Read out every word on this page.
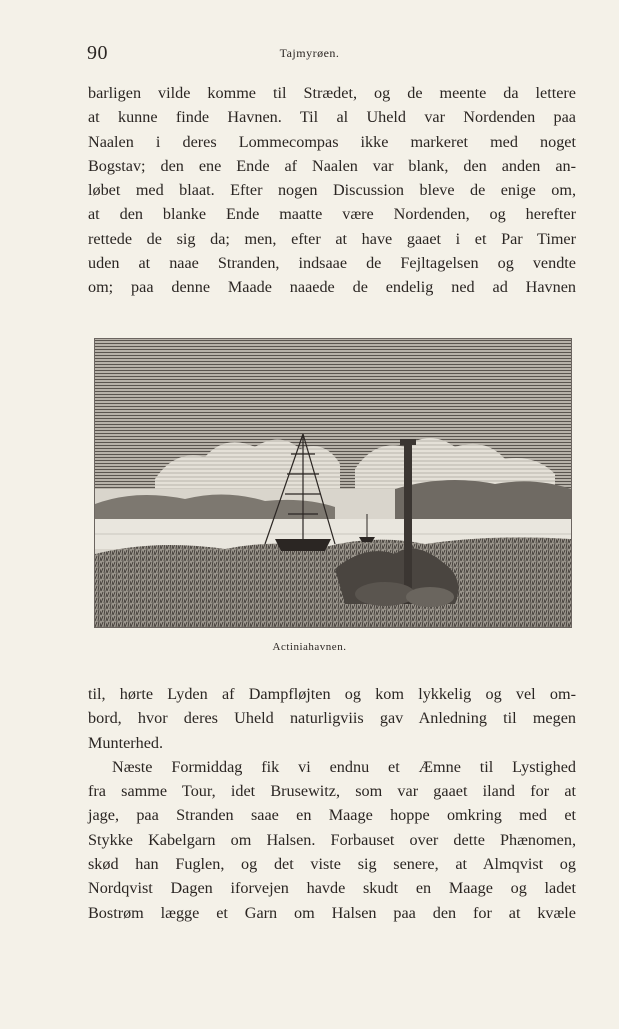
90	Tajmyrøen.
barligen vilde komme til Strædet, og de meente da lettere
at kunne finde Havnen. Til al Uheld var Nordenden paa
Naalen i deres Lommecompas ikke markeret med noget
Bogstav; den ene Ende af Naalen var blank, den anden an-
løbet med blaat. Efter nogen Discussion bleve de enige om,
at den blanke Ende maatte være Nordenden, og herefter
rettede de sig da; men, efter at have gaaet i et Par Timer
uden at naae Stranden, indsaae de Fejltagelsen og vendte
om; paa denne Maade naaede de endelig ned ad Havnen
Actiniahavnen.
til, hørte Lyden af Dampfløjten og kom lykkelig og vel om-
bord, hvor deres Uheld naturligviis gav Anledning til megen
Munterhed.
Næste Formiddag fik vi endnu et Æmne til Lystighed
fra samme Tour, idet Brusewitz, som var gaaet iland for at
jage, paa Stranden saae en Maage hoppe omkring med et
Stykke Kabelgarn om Halsen. Forbauset over dette Phænomen,
skød han Fuglen, og det viste sig senere, at Almqvist og
Nordqvist Dagen iforvejen havde skudt en Maage og ladet
Bostrøm lægge et Garn om Halsen paa den for at kvæle
